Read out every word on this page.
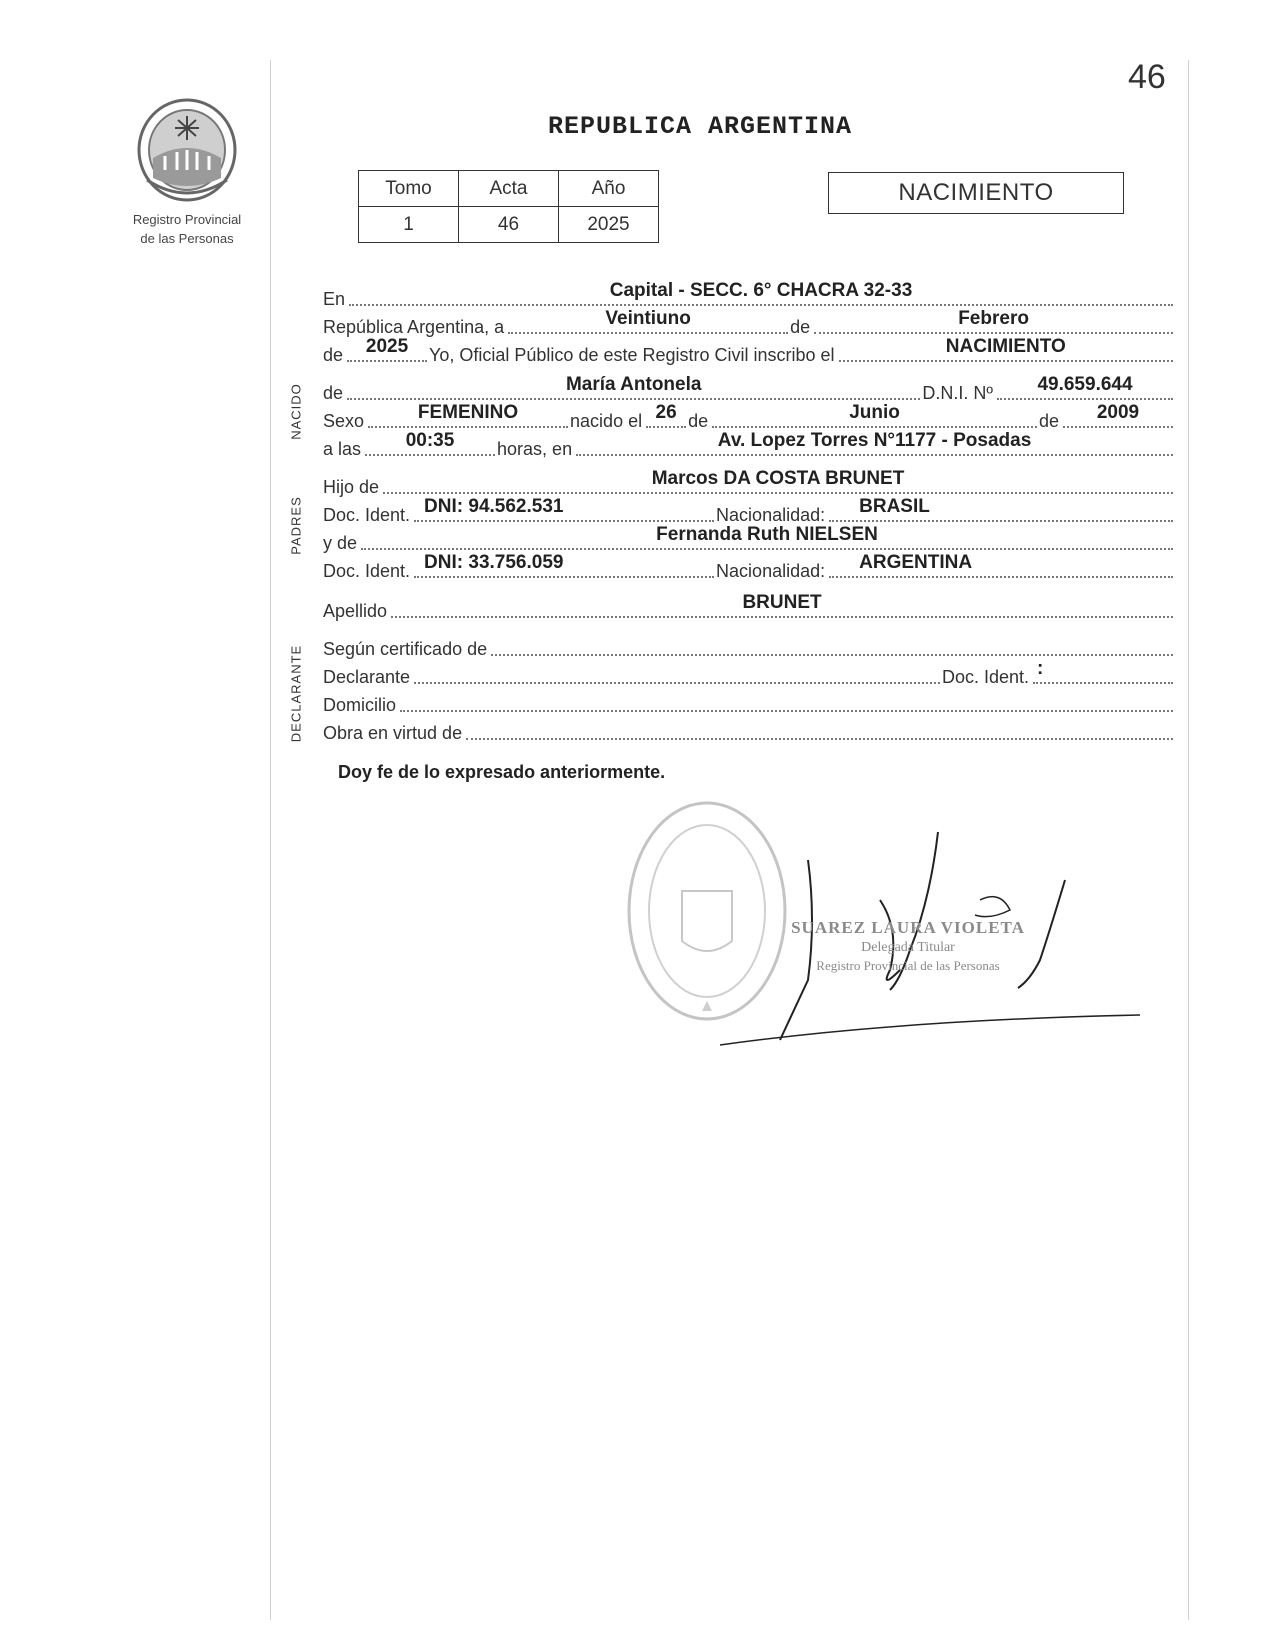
46
Registro Provincial
de las Personas
REPUBLICA ARGENTINA
Tomo	Acta	Año
1	46	2025
NACIMIENTO
NACIDO
PADRES
DECLARANTE
En	Capital - SECC. 6° CHACRA 32-33
República Argentina, a	Veintiuno	de	Febrero
de	2025	Yo, Oficial Público de este Registro Civil inscribo el	NACIMIENTO
de	María Antonela	D.N.I. Nº	49.659.644
Sexo	FEMENINO	nacido el 26 de	Junio	de	2009
a las	00:35	horas, en	Av. Lopez Torres N°1177 - Posadas
Hijo de	Marcos DA COSTA BRUNET
Doc. Ident. DNI: 94.562.531	Nacionalidad:	BRASIL
y de	Fernanda Ruth NIELSEN
Doc. Ident. DNI: 33.756.059	Nacionalidad:	ARGENTINA
Apellido	BRUNET
Según certificado de
Declarante	Doc. Ident. :
Domicilio
Obra en virtud de
Doy fe de lo expresado anteriormente.
SUAREZ LAURA VIOLETA
Delegada Titular
Registro Provincial de las Personas
